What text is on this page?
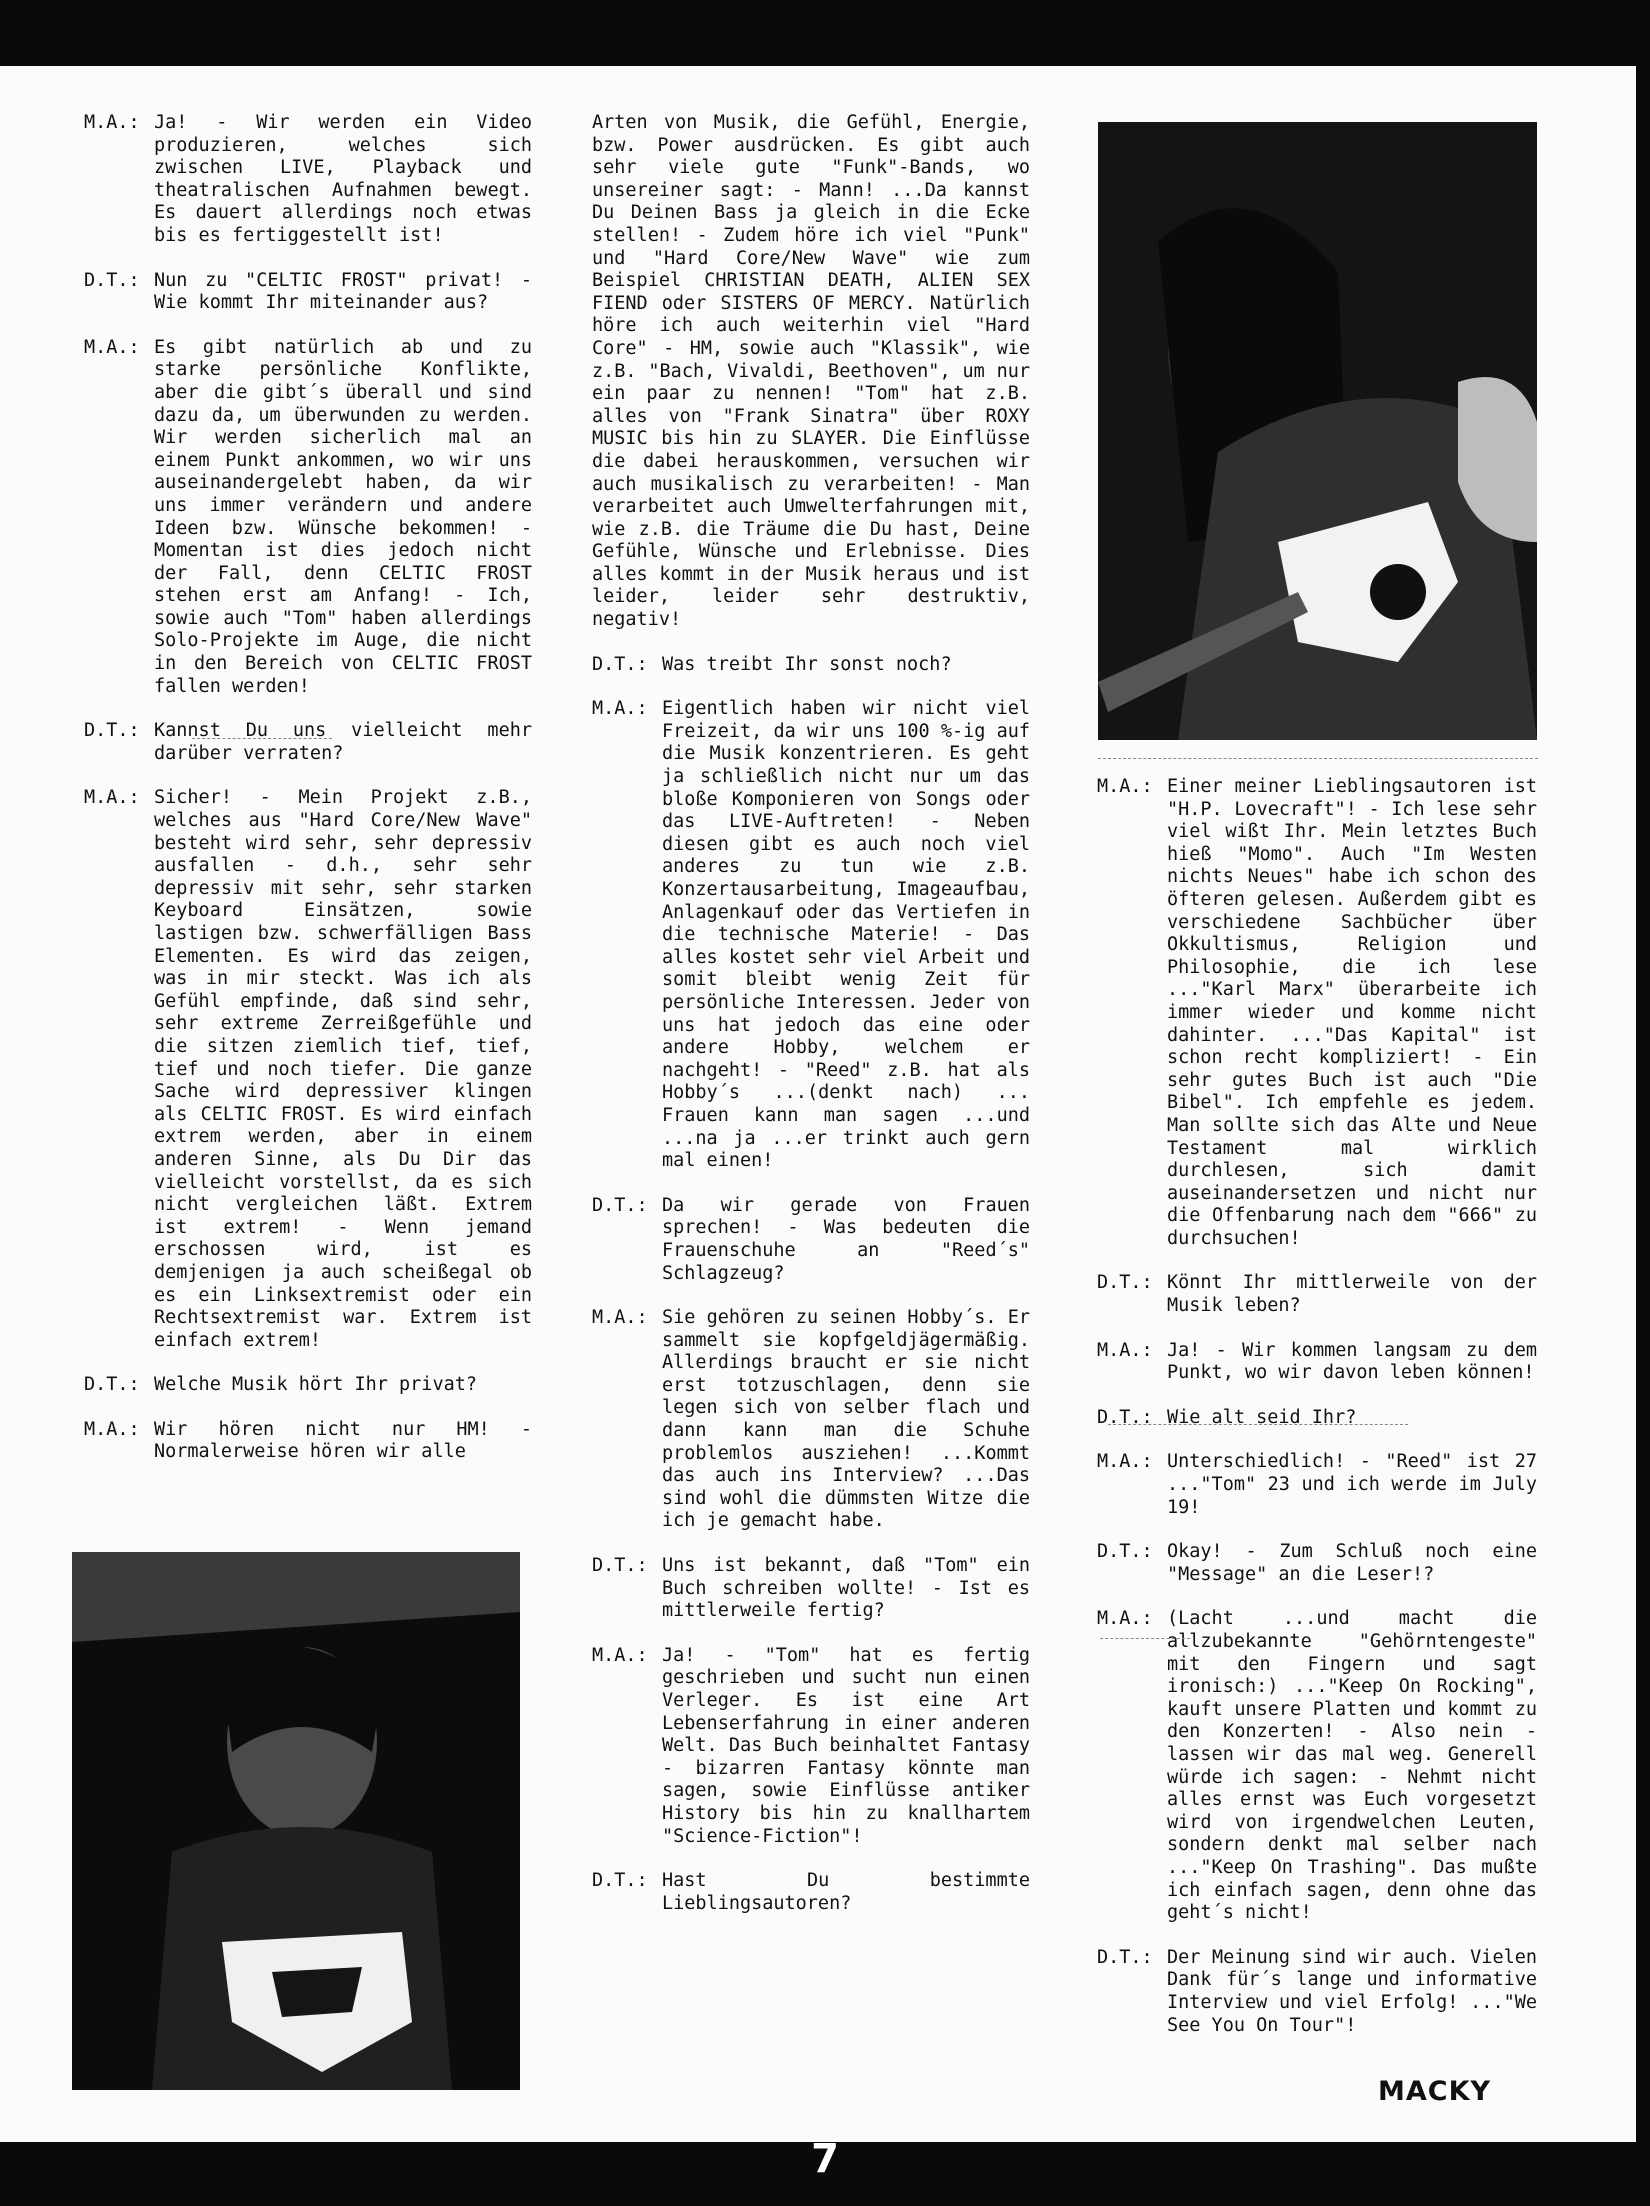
M.A.: Ja! - Wir werden ein Video produzieren, welches sich zwischen LIVE, Playback und theatralischen Aufnahmen bewegt. Es dauert allerdings noch etwas bis es fertiggestellt ist!
D.T.: Nun zu "CELTIC FROST" privat! - Wie kommt Ihr miteinander aus?
M.A.: Es gibt natürlich ab und zu starke persönliche Konflikte, aber die gibt´s überall und sind dazu da, um überwunden zu werden. Wir werden sicherlich mal an einem Punkt ankommen, wo wir uns auseinandergelebt haben, da wir uns immer verändern und andere Ideen bzw. Wünsche bekommen! - Momentan ist dies jedoch nicht der Fall, denn CELTIC FROST stehen erst am Anfang! - Ich, sowie auch "Tom" haben allerdings Solo-Projekte im Auge, die nicht in den Bereich von CELTIC FROST fallen werden!
D.T.: Kannst Du uns vielleicht mehr darüber verraten?
M.A.: Sicher! - Mein Projekt z.B., welches aus "Hard Core/New Wave" besteht wird sehr, sehr depressiv ausfallen - d.h., sehr sehr depressiv mit sehr, sehr starken Keyboard Einsätzen, sowie lastigen bzw. schwerfälligen Bass Elementen. Es wird das zeigen, was in mir steckt. Was ich als Gefühl empfinde, daß sind sehr, sehr extreme Zerreißgefühle und die sitzen ziemlich tief, tief, tief und noch tiefer. Die ganze Sache wird depressiver klingen als CELTIC FROST. Es wird einfach extrem werden, aber in einem anderen Sinne, als Du Dir das vielleicht vorstellst, da es sich nicht vergleichen läßt. Extrem ist extrem! - Wenn jemand erschossen wird, ist es demjenigen ja auch scheißegal ob es ein Linksextremist oder ein Rechtsextremist war. Extrem ist einfach extrem!
D.T.: Welche Musik hört Ihr privat?
M.A.: Wir hören nicht nur HM! - Normalerweise hören wir alle
Arten von Musik, die Gefühl, Energie, bzw. Power ausdrücken. Es gibt auch sehr viele gute "Funk"-Bands, wo unsereiner sagt: - Mann! ...Da kannst Du Deinen Bass ja gleich in die Ecke stellen! - Zudem höre ich viel "Punk" und "Hard Core/New Wave" wie zum Beispiel CHRISTIAN DEATH, ALIEN SEX FIEND oder SISTERS OF MERCY. Natürlich höre ich auch weiterhin viel "Hard Core" - HM, sowie auch "Klassik", wie z.B. "Bach, Vivaldi, Beethoven", um nur ein paar zu nennen! "Tom" hat z.B. alles von "Frank Sinatra" über ROXY MUSIC bis hin zu SLAYER. Die Einflüsse die dabei herauskommen, versuchen wir auch musikalisch zu verarbeiten! - Man verarbeitet auch Umwelterfahrungen mit, wie z.B. die Träume die Du hast, Deine Gefühle, Wünsche und Erlebnisse. Dies alles kommt in der Musik heraus und ist leider, leider sehr destruktiv, negativ!
D.T.: Was treibt Ihr sonst noch?
M.A.: Eigentlich haben wir nicht viel Freizeit, da wir uns 100 %-ig auf die Musik konzentrieren. Es geht ja schließlich nicht nur um das bloße Komponieren von Songs oder das LIVE-Auftreten! - Neben diesen gibt es auch noch viel anderes zu tun wie z.B. Konzertausarbeitung, Imageaufbau, Anlagenkauf oder das Vertiefen in die technische Materie! - Das alles kostet sehr viel Arbeit und somit bleibt wenig Zeit für persönliche Interessen. Jeder von uns hat jedoch das eine oder andere Hobby, welchem er nachgeht! - "Reed" z.B. hat als Hobby´s ...(denkt nach) ... Frauen kann man sagen ...und ...na ja ...er trinkt auch gern mal einen!
D.T.: Da wir gerade von Frauen sprechen! - Was bedeuten die Frauenschuhe an "Reed´s" Schlagzeug?
M.A.: Sie gehören zu seinen Hobby´s. Er sammelt sie kopfgeldjägermäßig. Allerdings braucht er sie nicht erst totzuschlagen, denn sie legen sich von selber flach und dann kann man die Schuhe problemlos ausziehen! ...Kommt das auch ins Interview? ...Das sind wohl die dümmsten Witze die ich je gemacht habe.
D.T.: Uns ist bekannt, daß "Tom" ein Buch schreiben wollte! - Ist es mittlerweile fertig?
M.A.: Ja! - "Tom" hat es fertig geschrieben und sucht nun einen Verleger. Es ist eine Art Lebenserfahrung in einer anderen Welt. Das Buch beinhaltet Fantasy - bizarren Fantasy könnte man sagen, sowie Einflüsse antiker History bis hin zu knallhartem "Science-Fiction"!
D.T.: Hast Du bestimmte Lieblingsautoren?
M.A.: Einer meiner Lieblingsautoren ist "H.P. Lovecraft"! - Ich lese sehr viel wißt Ihr. Mein letztes Buch hieß "Momo". Auch "Im Westen nichts Neues" habe ich schon des öfteren gelesen. Außerdem gibt es verschiedene Sachbücher über Okkultismus, Religion und Philosophie, die ich lese ..."Karl Marx" überarbeite ich immer wieder und komme nicht dahinter. ..."Das Kapital" ist schon recht kompliziert! - Ein sehr gutes Buch ist auch "Die Bibel". Ich empfehle es jedem. Man sollte sich das Alte und Neue Testament mal wirklich durchlesen, sich damit auseinandersetzen und nicht nur die Offenbarung nach dem "666" zu durchsuchen!
D.T.: Könnt Ihr mittlerweile von der Musik leben?
M.A.: Ja! - Wir kommen langsam zu dem Punkt, wo wir davon leben können!
D.T.: Wie alt seid Ihr?
M.A.: Unterschiedlich! - "Reed" ist 27 ..."Tom" 23 und ich werde im July 19!
D.T.: Okay! - Zum Schluß noch eine "Message" an die Leser!?
M.A.: (Lacht ...und macht die allzubekannte "Gehörntengeste" mit den Fingern und sagt ironisch:) ..."Keep On Rocking", kauft unsere Platten und kommt zu den Konzerten! - Also nein - lassen wir das mal weg. Generell würde ich sagen: - Nehmt nicht alles ernst was Euch vorgesetzt wird von irgendwelchen Leuten, sondern denkt mal selber nach ..."Keep On Trashing". Das mußte ich einfach sagen, denn ohne das geht´s nicht!
D.T.: Der Meinung sind wir auch. Vielen Dank für´s lange und informative Interview und viel Erfolg! ..."We See You On Tour"!
MACKY
7
